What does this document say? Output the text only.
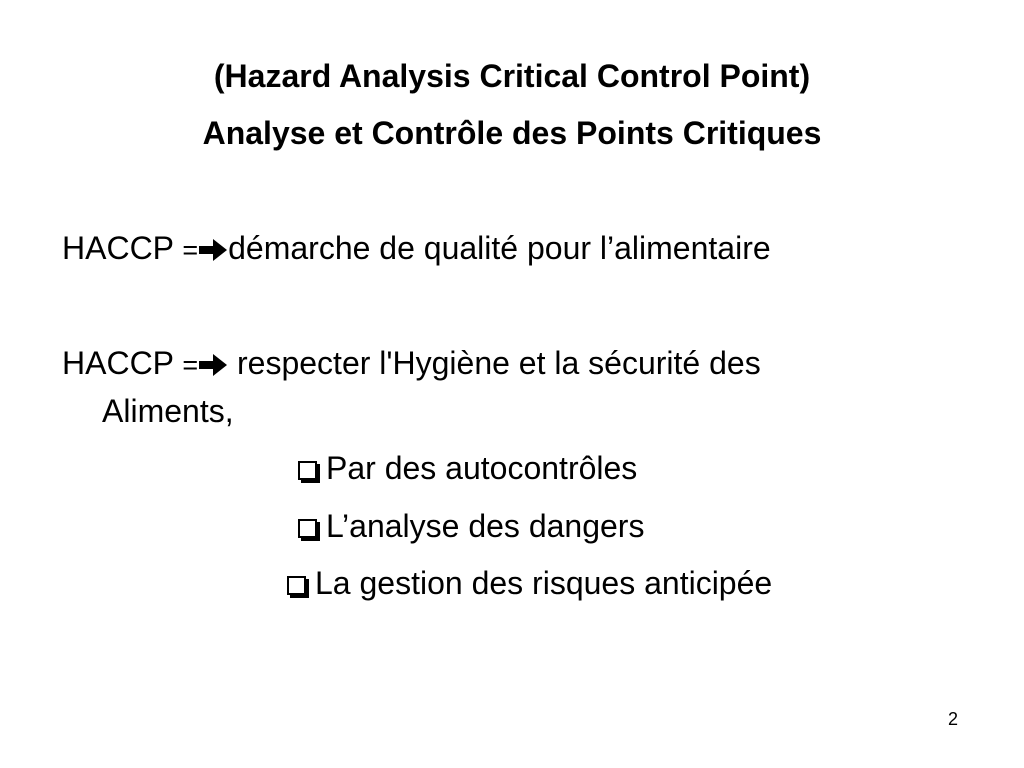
(Hazard Analysis Critical Control Point)
Analyse et Contrôle des Points Critiques
HACCP = démarche de qualité pour l’alimentaire
HACCP = respecter l'Hygiène et la sécurité des
Aliments,
Par des autocontrôles
L’analyse des dangers
La gestion des risques anticipée
2
